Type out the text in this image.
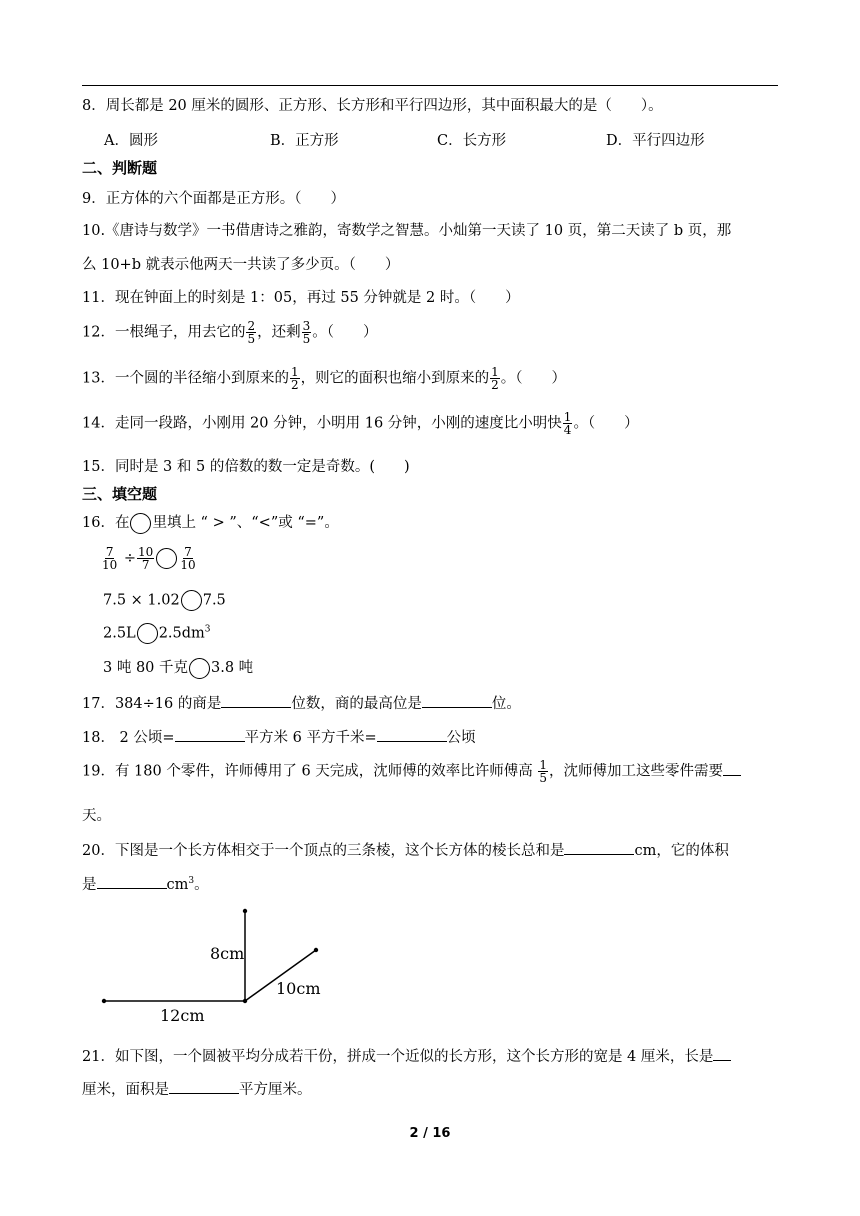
8．周长都是 20 厘米的圆形、正方形、长方形和平行四边形，其中面积最大的是（　　）。
A．圆形	B．正方形	C．长方形	D．平行四边形
二、判断题
9．正方体的六个面都是正方形。（　　）
10.《唐诗与数学》一书借唐诗之雅韵，寄数学之智慧。小灿第一天读了 10 页，第二天读了 b 页，那
么 10+b 就表示他两天一共读了多少页。（　　）
11．现在钟面上的时刻是 1：05，再过 55 分钟就是 2 时。（　　）
12．一根绳子，用去它的 $\frac{2}{5}$ ，还剩 $\frac{3}{5}$ 。（　　）
13．一个圆的半径缩小到原来的 $\frac{1}{2}$ ，则它的面积也缩小到原来的 $\frac{1}{2}$ 。（　　）
14．走同一段路，小刚用 20 分钟，小明用 16 分钟，小刚的速度比小明快 $\frac{1}{4}$ 。（　　）
15．同时是 3 和 5 的倍数的数一定是奇数。(　　)
三、填空题
16．在 里填上 “ > ”、“<”或 “=”。
$\frac{7}{10} \div \frac{10}{7} \frac{7}{10}$
7.5 × 1.02 7.5
2.5L $2.5dm^3$
3 吨 80 千克 3.8 吨
17．384÷16 的商是	位数，商的最高位是	位。
18． 2 公顷=	平方米 6 平方千米=	公顷
19．有 180 个零件，许师傅用了 6 天完成，沈师傅的效率比许师傅高 $\frac{1}{5}$ ，沈师傅加工这些零件需要
天。
20．下图是一个长方体相交于一个顶点的三条棱，这个长方体的棱长总和是	cm，它的体积
是	$cm^3$。
8cm
10cm
12cm
21．如下图，一个圆被平均分成若干份，拼成一个近似的长方形，这个长方形的宽是 4 厘米，长是
厘米，面积是	平方厘米。
2 / 16
